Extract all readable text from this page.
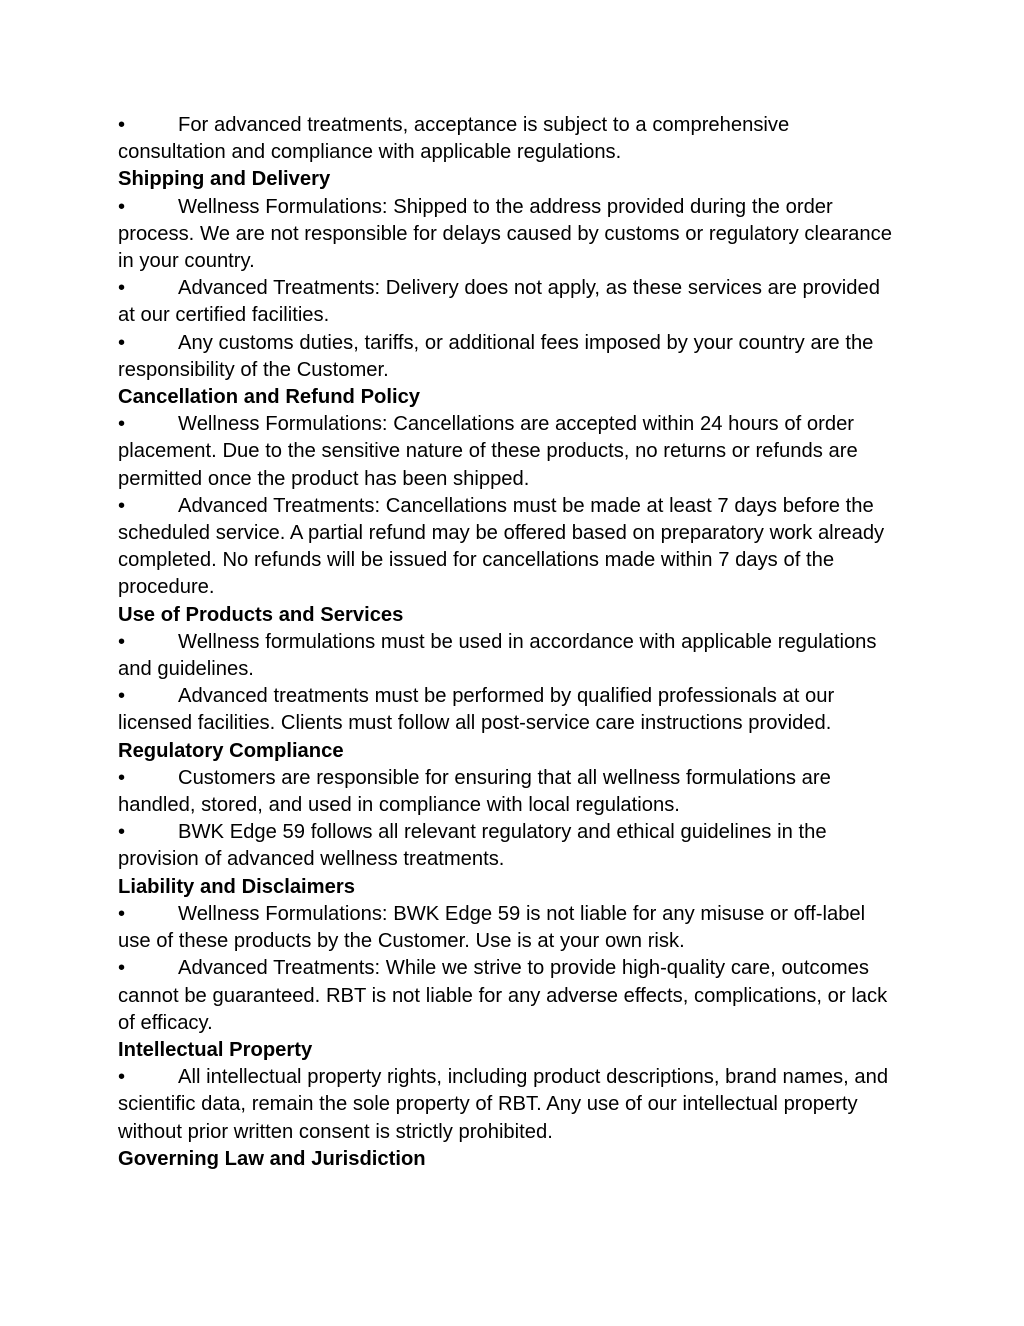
•	For advanced treatments, acceptance is subject to a comprehensive consultation and compliance with applicable regulations.

Shipping and Delivery

•	Wellness Formulations: Shipped to the address provided during the order process. We are not responsible for delays caused by customs or regulatory clearance in your country.

•	Advanced Treatments: Delivery does not apply, as these services are provided at our certified facilities.

•	Any customs duties, tariffs, or additional fees imposed by your country are the responsibility of the Customer.

Cancellation and Refund Policy

•	Wellness Formulations: Cancellations are accepted within 24 hours of order placement. Due to the sensitive nature of these products, no returns or refunds are permitted once the product has been shipped.

•	Advanced Treatments: Cancellations must be made at least 7 days before the scheduled service. A partial refund may be offered based on preparatory work already completed. No refunds will be issued for cancellations made within 7 days of the procedure.

Use of Products and Services

•	Wellness formulations must be used in accordance with applicable regulations and guidelines.

•	Advanced treatments must be performed by qualified professionals at our licensed facilities. Clients must follow all post-service care instructions provided.

Regulatory Compliance

•	Customers are responsible for ensuring that all wellness formulations are handled, stored, and used in compliance with local regulations.

•	BWK Edge 59 follows all relevant regulatory and ethical guidelines in the provision of advanced wellness treatments.

Liability and Disclaimers

•	Wellness Formulations: BWK Edge 59 is not liable for any misuse or off-label use of these products by the Customer. Use is at your own risk.

•	Advanced Treatments: While we strive to provide high-quality care, outcomes cannot be guaranteed. RBT is not liable for any adverse effects, complications, or lack of efficacy.

Intellectual Property

•	All intellectual property rights, including product descriptions, brand names, and scientific data, remain the sole property of RBT. Any use of our intellectual property without prior written consent is strictly prohibited.

Governing Law and Jurisdiction
